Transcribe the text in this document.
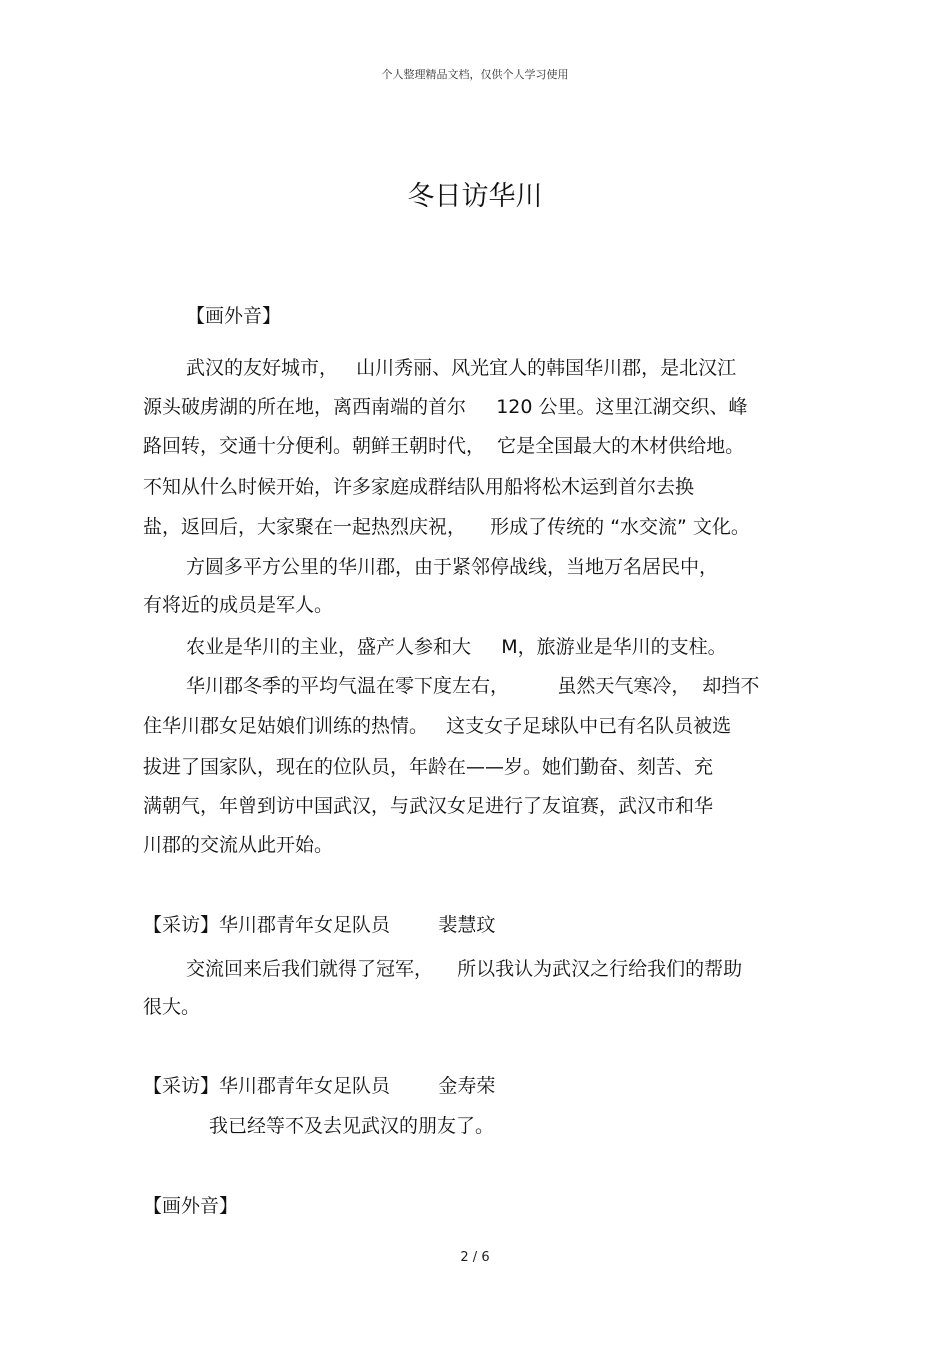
个人整理精品文档，仅供个人学习使用
冬日访华川
【画外音】
武汉的友好城市，   山川秀丽、风光宜人的韩国华川郡，是北汉江
源头破虏湖的所在地，离西南端的首尔     120 公里。这里江湖交织、峰
路回转，交通十分便利。朝鲜王朝时代，  它是全国最大的木材供给地。
不知从什么时候开始，许多家庭成群结队用船将松木运到首尔去换
盐，返回后，大家聚在一起热烈庆祝，    形成了传统的 “水交流” 文化。
方圆多平方公里的华川郡，由于紧邻停战线，当地万名居民中，
有将近的成员是军人。
农业是华川的主业，盛产人参和大     M，旅游业是华川的支柱。
华川郡冬季的平均气温在零下度左右，        虽然天气寒冷，  却挡不
住华川郡女足姑娘们训练的热情。   这支女子足球队中已有名队员被选
拔进了国家队，现在的位队员，年龄在——岁。她们勤奋、刻苦、充
满朝气，年曾到访中国武汉，与武汉女足进行了友谊赛，武汉市和华
川郡的交流从此开始。
【采访】华川郡青年女足队员        裴慧玟
交流回来后我们就得了冠军，    所以我认为武汉之行给我们的帮助
很大。
【采访】华川郡青年女足队员        金寿荣
我已经等不及去见武汉的朋友了。
【画外音】
2 / 6
